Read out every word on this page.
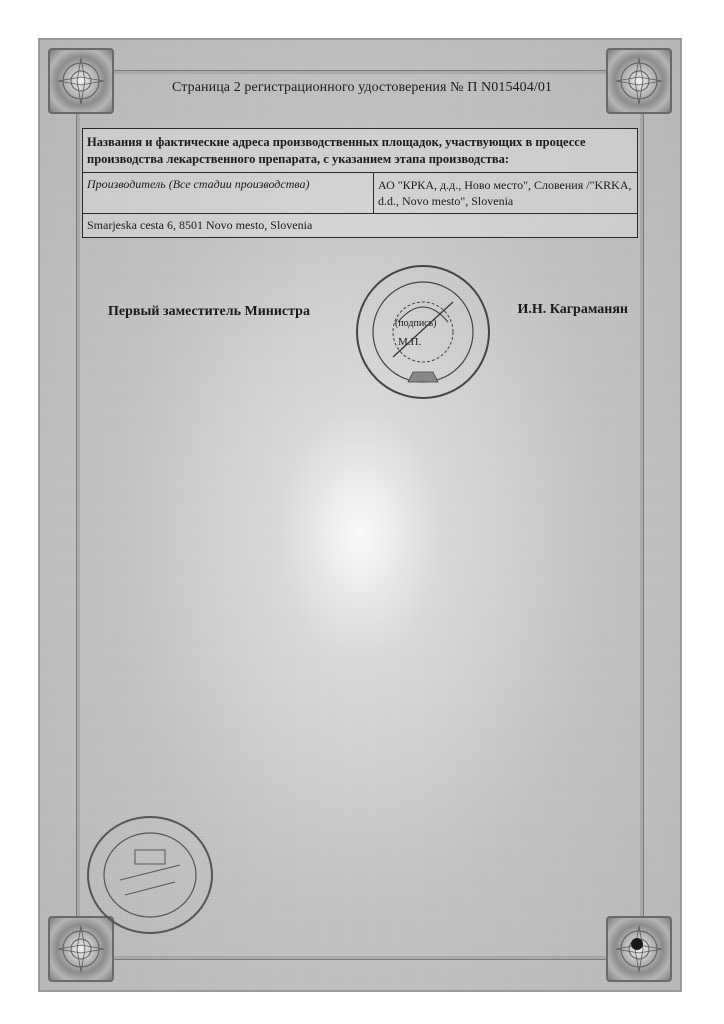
Страница 2 регистрационного удостоверения № П N015404/01
Названия и фактические адреса производственных площадок, участвующих в процессе производства лекарственного препарата, с указанием этапа производства:
Производитель (Все стадии производства)	АО "КРКА, д.д., Ново место", Словения /"KRKA, d.d., Novo mesto", Slovenia
Smarjeska cesta 6, 8501 Novo mesto, Slovenia
(подпись)
М.П.
Первый заместитель Министра	И.Н. Каграманян
